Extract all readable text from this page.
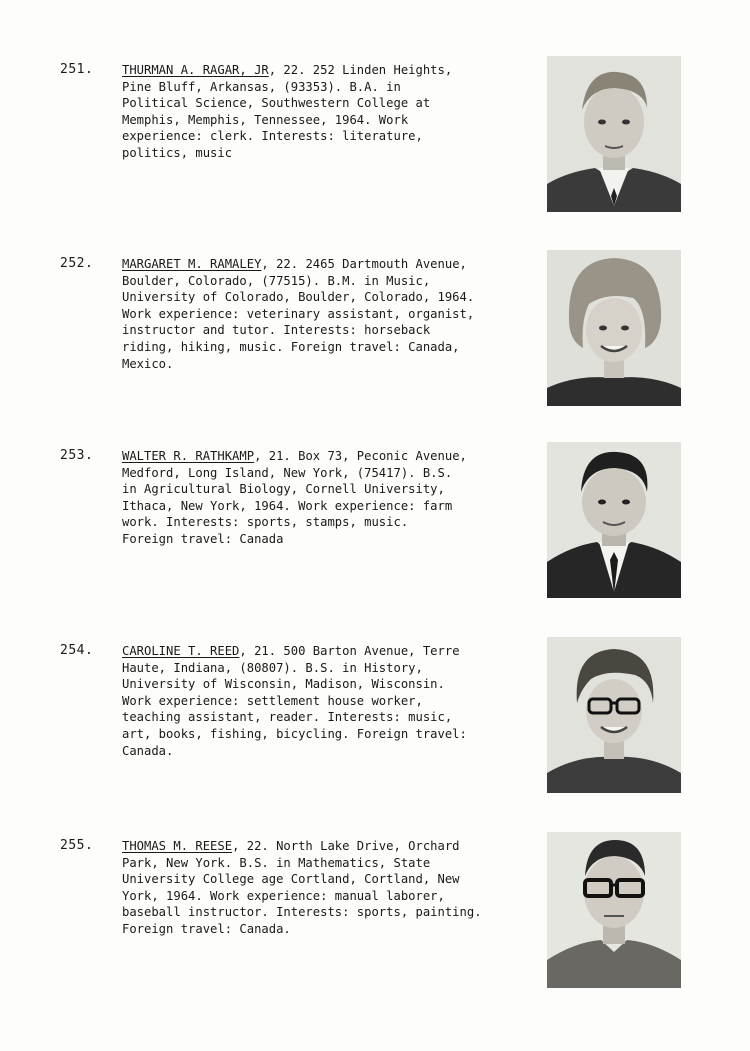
251. THURMAN A. RAGAR, JR, 22. 252 Linden Heights,
Pine Bluff, Arkansas, (93353). B.A. in
Political Science, Southwestern College at
Memphis, Memphis, Tennessee, 1964. Work
experience: clerk. Interests: literature,
politics, music
252. MARGARET M. RAMALEY, 22. 2465 Dartmouth Avenue,
Boulder, Colorado, (77515). B.M. in Music,
University of Colorado, Boulder, Colorado, 1964.
Work experience: veterinary assistant, organist,
instructor and tutor. Interests: horseback
riding, hiking, music. Foreign travel: Canada,
Mexico.
253. WALTER R. RATHKAMP, 21. Box 73, Peconic Avenue,
Medford, Long Island, New York, (75417). B.S.
in Agricultural Biology, Cornell University,
Ithaca, New York, 1964. Work experience: farm
work. Interests: sports, stamps, music.
Foreign travel: Canada
254. CAROLINE T. REED, 21. 500 Barton Avenue, Terre
Haute, Indiana, (80807). B.S. in History,
University of Wisconsin, Madison, Wisconsin.
Work experience: settlement house worker,
teaching assistant, reader. Interests: music,
art, books, fishing, bicycling. Foreign travel:
Canada.
255. THOMAS M. REESE, 22. North Lake Drive, Orchard
Park, New York. B.S. in Mathematics, State
University College age Cortland, Cortland, New
York, 1964. Work experience: manual laborer,
baseball instructor. Interests: sports, painting.
Foreign travel: Canada.
